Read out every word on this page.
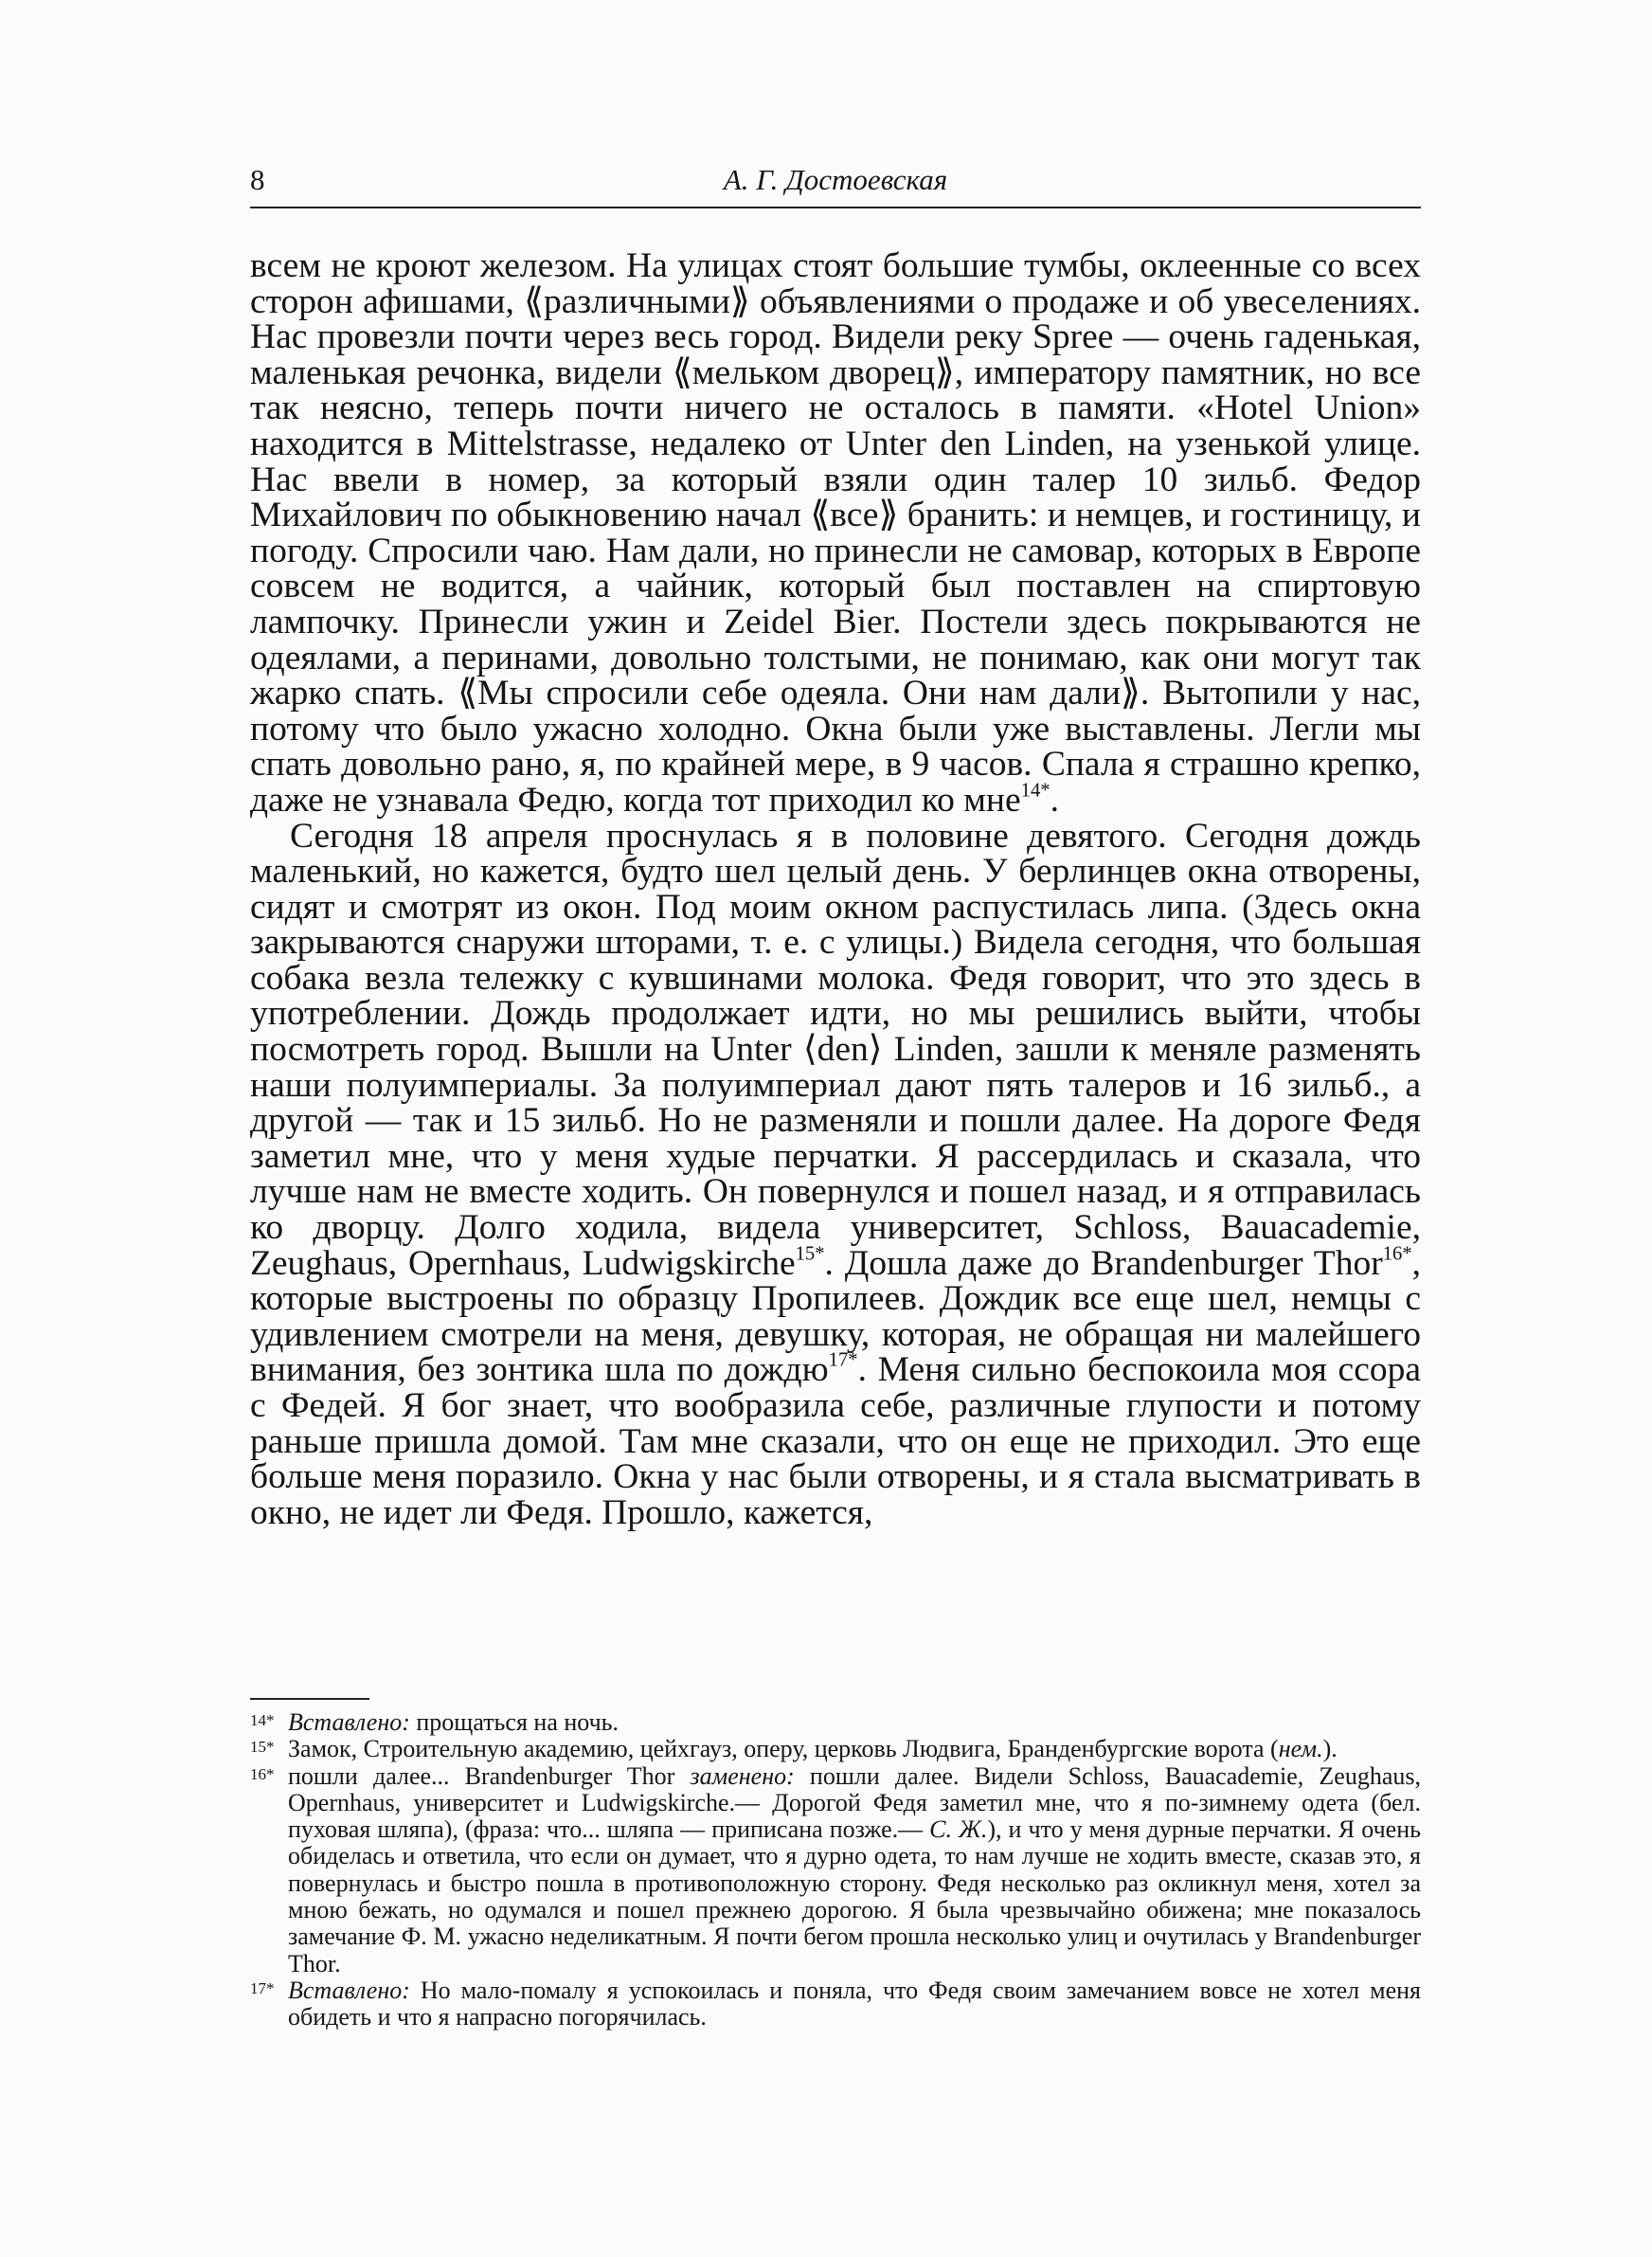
8	А. Г. Достоевская

всем не кроют железом. На улицах стоят большие тумбы, оклеенные со всех сторон афишами, ⟪различными⟫ объявлениями о продаже и об увеселениях. Нас провезли почти через весь город. Видели реку Spree — очень гаденькая, маленькая речонка, видели ⟪мельком дворец⟫, императору памятник, но все так неясно, теперь почти ничего не осталось в памяти. «Hotel Union» находится в Mittelstrasse, недалеко от Unter den Linden, на узенькой улице. Нас ввели в номер, за который взяли один талер 10 зильб. Федор Михайлович по обыкновению начал ⟪все⟫ бранить: и немцев, и гостиницу, и погоду. Спросили чаю. Нам дали, но принесли не самовар, которых в Европе совсем не водится, а чайник, который был поставлен на спиртовую лампочку. Принесли ужин и Zeidel Bier. Постели здесь покрываются не одеялами, а перинами, довольно толстыми, не понимаю, как они могут так жарко спать. ⟪Мы спросили себе одеяла. Они нам дали⟫. Вытопили у нас, потому что было ужасно холодно. Окна были уже выставлены. Легли мы спать довольно рано, я, по крайней мере, в 9 часов. Спала я страшно крепко, даже не узнавала Федю, когда тот приходил ко мне$^{14*}$.

Сегодня 18 апреля проснулась я в половине девятого. Сегодня дождь маленький, но кажется, будто шел целый день. У берлинцев окна отворены, сидят и смотрят из окон. Под моим окном распустилась липа. (Здесь окна закрываются снаружи шторами, т. е. с улицы.) Видела сегодня, что большая собака везла тележку с кувшинами молока. Федя говорит, что это здесь в употреблении. Дождь продолжает идти, но мы решились выйти, чтобы посмотреть город. Вышли на Unter ⟨den⟩ Linden, зашли к меняле разменять наши полуимпериалы. За полуимпериал дают пять талеров и 16 зильб., а другой — так и 15 зильб. Но не разменяли и пошли далее. На дороге Федя заметил мне, что у меня худые перчатки. Я рассердилась и сказала, что лучше нам не вместе ходить. Он повернулся и пошел назад, и я отправилась ко дворцу. Долго ходила, видела университет, Schloss, Bauacademie, Zeughaus, Opernhaus, Ludwigskirche$^{15*}$. Дошла даже до Brandenburger Thor$^{16*}$, которые выстроены по образцу Пропилеев. Дождик все еще шел, немцы с удивлением смотрели на меня, девушку, которая, не обращая ни малейшего внимания, без зонтика шла по дождю$^{17*}$. Меня сильно беспокоила моя ссора с Федей. Я бог знает, что вообразила себе, различные глупости и потому раньше пришла домой. Там мне сказали, что он еще не приходил. Это еще больше меня поразило. Окна у нас были отворены, и я стала высматривать в окно, не идет ли Федя. Прошло, кажется,

14* Вставлено: прощаться на ночь.
15* Замок, Строительную академию, цейхгауз, оперу, церковь Людвига, Бранденбургские ворота (нем.).
16* пошли далее... Brandenburger Thor заменено: пошли далее. Видели Schloss, Bauacademie, Zeughaus, Opernhaus, университет и Ludwigskirche.— Дорогой Федя заметил мне, что я по-зимнему одета (бел. пуховая шляпа), (фраза: что... шляпа — приписана позже.— С. Ж.), и что у меня дурные перчатки. Я очень обиделась и ответила, что если он думает, что я дурно одета, то нам лучше не ходить вместе, сказав это, я повернулась и быстро пошла в противоположную сторону. Федя несколько раз окликнул меня, хотел за мною бежать, но одумался и пошел прежнею дорогою. Я была чрезвычайно обижена; мне показалось замечание Ф. М. ужасно неделикатным. Я почти бегом прошла несколько улиц и очутилась у Brandenburger Thor.
17* Вставлено: Но мало-помалу я успокоилась и поняла, что Федя своим замечанием вовсе не хотел меня обидеть и что я напрасно погорячилась.
